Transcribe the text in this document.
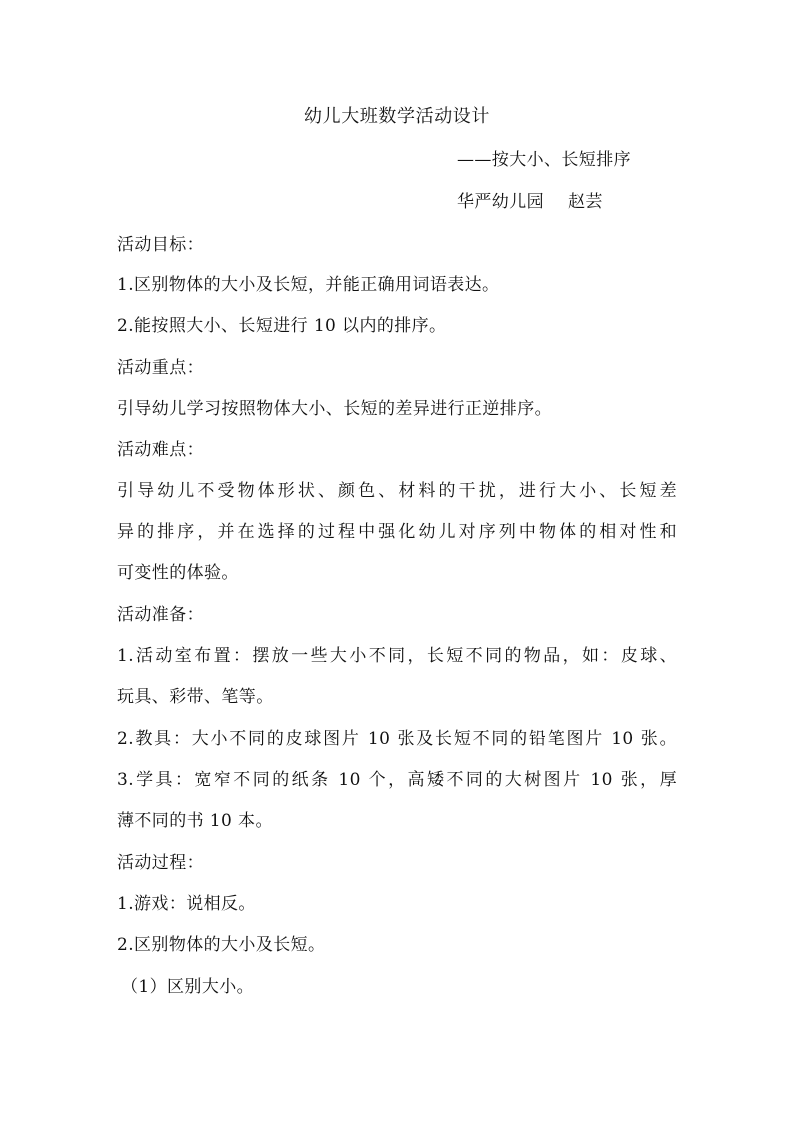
幼儿大班数学活动设计
——按大小、长短排序
华严幼儿园 赵芸
活动目标：
1.区别物体的大小及长短，并能正确用词语表达。
2.能按照大小、长短进行 10 以内的排序。
活动重点：
引导幼儿学习按照物体大小、长短的差异进行正逆排序。
活动难点：
引导幼儿不受物体形状、颜色、材料的干扰，进行大小、长短差
异的排序，并在选择的过程中强化幼儿对序列中物体的相对性和
可变性的体验。
活动准备：
1.活动室布置：摆放一些大小不同，长短不同的物品，如：皮球、
玩具、彩带、笔等。
2.教具：大小不同的皮球图片 10 张及长短不同的铅笔图片 10 张。
3.学具：宽窄不同的纸条 10 个，高矮不同的大树图片 10 张，厚
薄不同的书 10 本。
活动过程：
1.游戏：说相反。
2.区别物体的大小及长短。
（1）区别大小。
